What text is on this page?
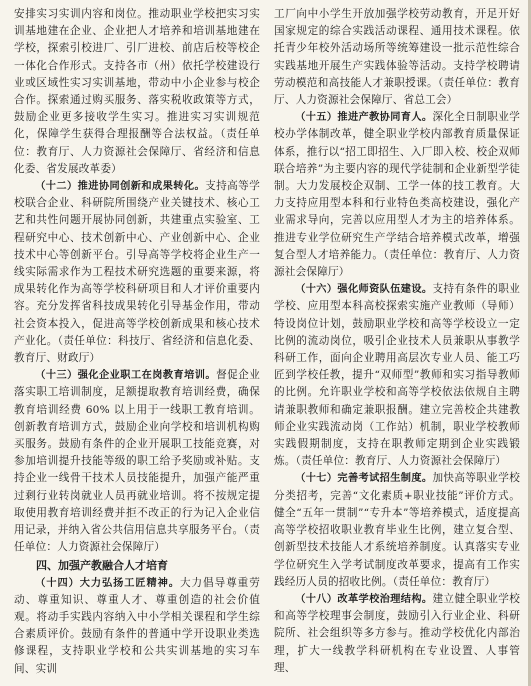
安排实习实训内容和岗位。推动职业学校把实习实训基地建在企业、企业把人才培养和培训基地建在学校，探索引校进厂、引厂进校、前店后校等校企一体化合作形式。支持各市（州）依托学校建设行业或区域性实习实训基地，带动中小企业参与校企合作。探索通过购买服务、落实税收政策等方式，鼓励企业更多接收学生实习。推进实习实训规范化，保障学生获得合理报酬等合法权益。（责任单位：教育厅、人力资源社会保障厅、省经济和信息化委、省发展改革委）

（十二）推进协同创新和成果转化。支持高等学校联合企业、科研院所围绕产业关键技术、核心工艺和共性问题开展协同创新，共建重点实验室、工程研究中心、技术创新中心、产业创新中心、企业技术中心等创新平台。引导高等学校将企业生产一线实际需求作为工程技术研究选题的重要来源，将成果转化作为高等学校科研项目和人才评价重要内容。充分发挥省科技成果转化引导基金作用，带动社会资本投入，促进高等学校创新成果和核心技术产业化。（责任单位：科技厅、省经济和信息化委、教育厅、财政厅）

（十三）强化企业职工在岗教育培训。督促企业落实职工培训制度，足额提取教育培训经费，确保教育培训经费 60% 以上用于一线职工教育培训。创新教育培训方式，鼓励企业向学校和培训机构购买服务。鼓励有条件的企业开展职工技能竞赛，对参加培训提升技能等级的职工给予奖励或补贴。支持企业一线骨干技术人员技能提升，加强产能严重过剩行业转岗就业人员再就业培训。将不按规定提取使用教育培训经费并拒不改正的行为记入企业信用记录，并纳入省公共信用信息共享服务平台。（责任单位：人力资源社会保障厅）

四、加强产教融合人才培育

（十四）大力弘扬工匠精神。大力倡导尊重劳动、尊重知识、尊重人才、尊重创造的社会价值观。将动手实践内容纳入中小学相关课程和学生综合素质评价。鼓励有条件的普通中学开设职业类选修课程，支持职业学校和公共实训基地的实习车间、实训

工厂向中小学生开放加强学校劳动教育，开足开好国家规定的综合实践活动课程、通用技术课程。依托青少年校外活动场所等统筹建设一批示范性综合实践基地开展生产实践体验等活动。支持学校聘请劳动模范和高技能人才兼职授课。（责任单位：教育厅、人力资源社会保障厅、省总工会）

（十五）推进产教协同育人。深化全日制职业学校办学体制改革，健全职业学校内部教育质量保证体系，推行以“招工即招生、入厂即入校、校企双师联合培养”为主要内容的现代学徒制和企业新型学徒制。大力发展校企双制、工学一体的技工教育。大力支持应用型本科和行业特色类高校建设，强化产业需求导向，完善以应用型人才为主的培养体系。推进专业学位研究生产学结合培养模式改革，增强复合型人才培养能力。（责任单位：教育厅、人力资源社会保障厅）

（十六）强化师资队伍建设。支持有条件的职业学校、应用型本科高校探索实施产业教师（导师）特设岗位计划，鼓励职业学校和高等学校设立一定比例的流动岗位，吸引企业技术人员兼职从事教学科研工作，面向企业聘用高层次专业人员、能工巧匠到学校任教，提升“双师型”教师和实习指导教师的比例。允许职业学校和高等学校依法依规自主聘请兼职教师和确定兼职报酬。建立完善校企共建教师企业实践流动岗（工作站）机制，职业学校教师实践假期制度，支持在职教师定期到企业实践锻炼。（责任单位：教育厅、人力资源社会保障厅）

（十七）完善考试招生制度。加快高等职业学校分类招考，完善“文化素质+职业技能”评价方式。健全“五年一贯制”“专升本”等培养模式，适度提高高等学校招收职业教育毕业生比例，建立复合型、创新型技术技能人才系统培养制度。认真落实专业学位研究生入学考试制度改革要求，提高有工作实践经历人员的招收比例。（责任单位：教育厅）

（十八）改革学校治理结构。建立健全职业学校和高等学校理事会制度，鼓励引入行业企业、科研院所、社会组织等多方参与。推动学校优化内部治理，扩大一线教学科研机构在专业设置、人事管理、
